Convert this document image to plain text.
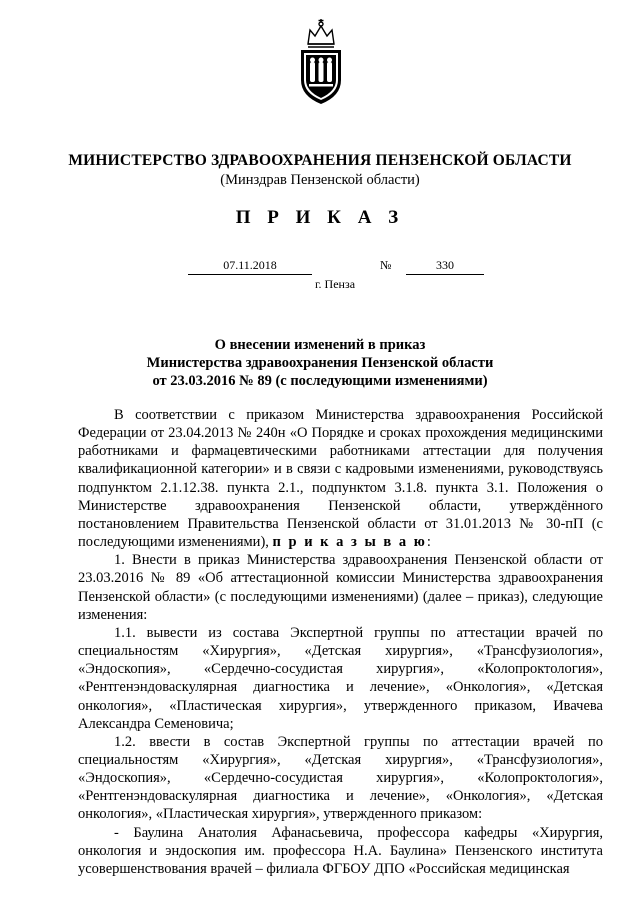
МИНИСТЕРСТВО ЗДРАВООХРАНЕНИЯ ПЕНЗЕНСКОЙ ОБЛАСТИ
(Минздрав Пензенской области)
П Р И К А З
07.11.2018	№	330
г. Пенза
О внесении изменений в приказ
Министерства здравоохранения Пензенской области
от 23.03.2016 № 89 (с последующими изменениями)

В соответствии с приказом Министерства здравоохранения Российской Федерации от 23.04.2013 № 240н «О Порядке и сроках прохождения медицинскими работниками и фармацевтическими работниками аттестации для получения квалификационной категории» и в связи с кадровыми изменениями, руководствуясь подпунктом 2.1.12.38. пункта 2.1., подпунктом 3.1.8. пункта 3.1. Положения о Министерстве здравоохранения Пензенской области, утверждённого постановлением Правительства Пензенской области от 31.01.2013 № 30-пП (с последующими изменениями), п р и к а з ы в а ю:

1. Внести в приказ Министерства здравоохранения Пензенской области от 23.03.2016 № 89 «Об аттестационной комиссии Министерства здравоохранения Пензенской области» (с последующими изменениями) (далее – приказ), следующие изменения:

1.1. вывести из состава Экспертной группы по аттестации врачей по специальностям «Хирургия», «Детская хирургия», «Трансфузиология», «Эндоскопия», «Сердечно-сосудистая хирургия», «Колопроктология», «Рентгенэндоваскулярная диагностика и лечение», «Онкология», «Детская онкология», «Пластическая хирургия», утвержденного приказом, Ивачева Александра Семеновича;

1.2. ввести в состав Экспертной группы по аттестации врачей по специальностям «Хирургия», «Детская хирургия», «Трансфузиология», «Эндоскопия», «Сердечно-сосудистая хирургия», «Колопроктология», «Рентгенэндоваскулярная диагностика и лечение», «Онкология», «Детская онкология», «Пластическая хирургия», утвержденного приказом:

- Баулина Анатолия Афанасьевича, профессора кафедры «Хирургия, онкология и эндоскопия им. профессора Н.А. Баулина» Пензенского института усовершенствования врачей – филиала ФГБОУ ДПО «Российская медицинская
